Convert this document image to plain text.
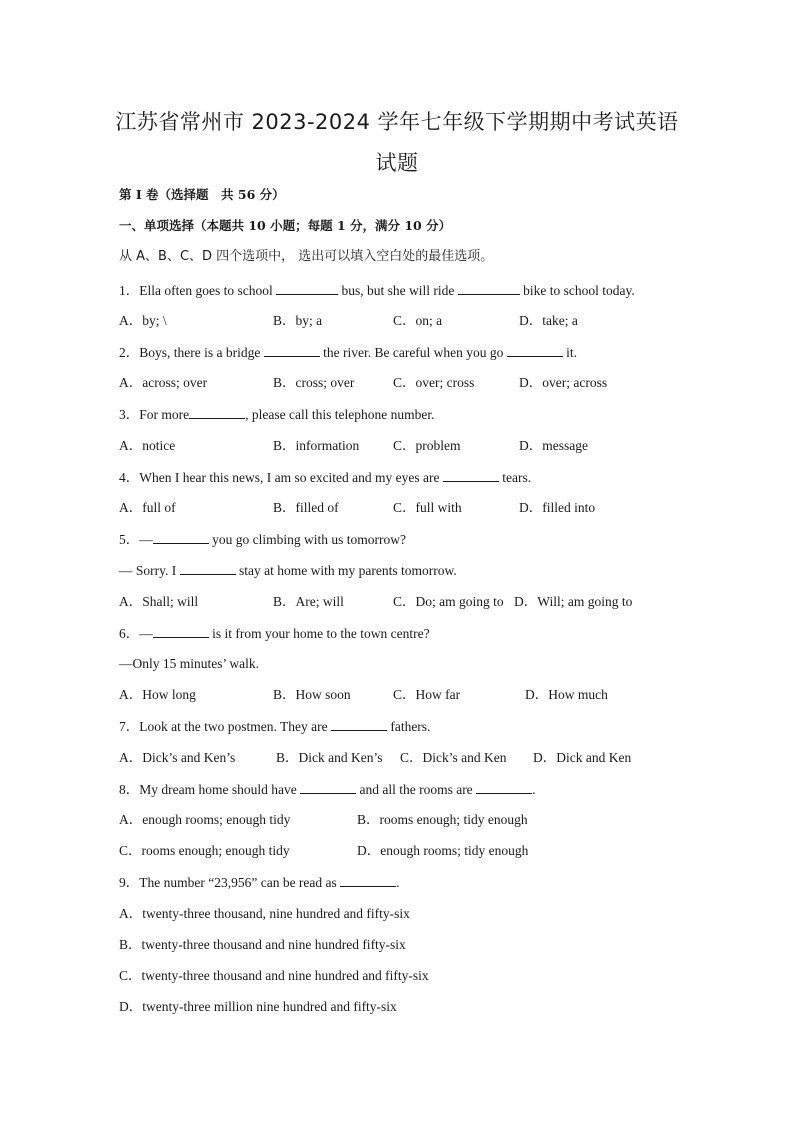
江苏省常州市 2023-2024 学年七年级下学期期中考试英语
试题
第 I 卷（选择题　共 56 分）
一、单项选择（本题共 10 小题；每题 1 分，满分 10 分）
从 A、B、C、D 四个选项中， 选出可以填入空白处的最佳选项。
1．Ella often goes to school	bus, but she will ride	bike to school today.
A．by; \	B．by; a	C．on; a	D．take; a
2．Boys, there is a bridge	the river. Be careful when you go	it.
A．across; over	B．cross; over	C．over; cross	D．over; across
3．For more	, please call this telephone number.
A．notice	B．information	C．problem	D．message
4．When I hear this news, I am so excited and my eyes are	tears.
A．full of	B．filled of	C．full with	D．filled into
5．—	you go climbing with us tomorrow?
— Sorry. I	stay at home with my parents tomorrow.
A．Shall; will	B．Are; will	C．Do; am going to D．Will; am going to
6．—	is it from your home to the town centre?
—Only 15 minutes’ walk.
A．How long	B．How soon	C．How far	D．How much
7．Look at the two postmen. They are	fathers.
A．Dick’s and Ken’s	B．Dick and Ken’s C．Dick’s and Ken D．Dick and Ken
8．My dream home should have	and all the rooms are	.
A．enough rooms; enough tidy	B．rooms enough; tidy enough
C．rooms enough; enough tidy	D．enough rooms; tidy enough
9．The number “23,956” can be read as	.
A．twenty-three thousand, nine hundred and fifty-six
B．twenty-three thousand and nine hundred fifty-six
C．twenty-three thousand and nine hundred and fifty-six
D．twenty-three million nine hundred and fifty-six
